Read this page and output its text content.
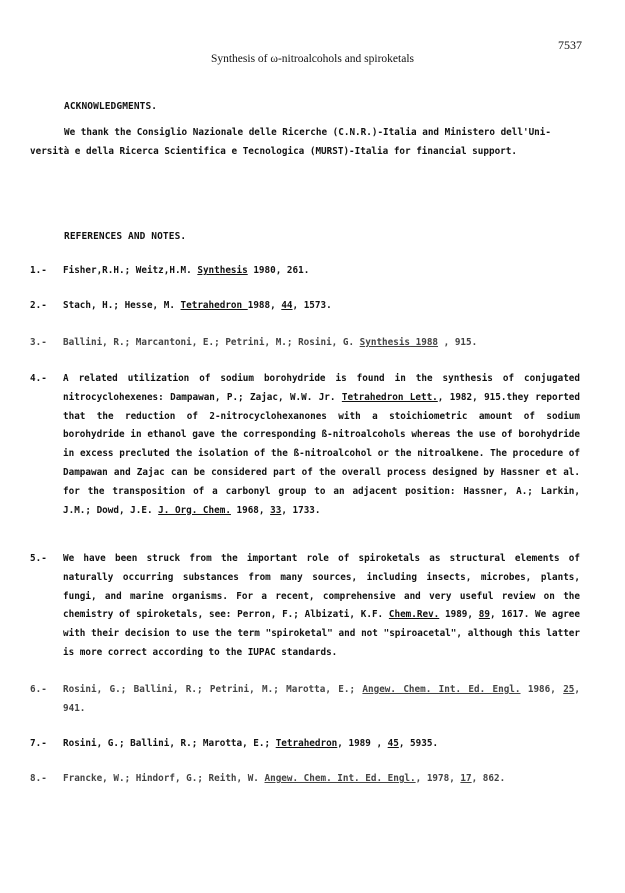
7537
Synthesis of ω-nitroalcohols and spiroketals
ACKNOWLEDGMENTS.
We thank the Consiglio Nazionale delle Ricerche (C.N.R.)-Italia and Ministero dell'Uni-
versità e della Ricerca Scientifica e Tecnologica (MURST)-Italia for financial support.
REFERENCES AND NOTES.
1.- Fisher,R.H.; Weitz,H.M. Synthesis 1980, 261.
2.- Stach, H.; Hesse, M. Tetrahedron 1988, 44, 1573.
3.- Ballini, R.; Marcantoni, E.; Petrini, M.; Rosini, G. Synthesis 1988 , 915.
4.- A related utilization of sodium borohydride is found in the synthesis of conjugated nitrocyclohexenes: Dampawan, P.; Zajac, W.W. Jr. Tetrahedron Lett., 1982, 915.they reported that the reduction of 2-nitrocyclohexanones with a stoichiometric amount of sodium borohydride in ethanol gave the corresponding ß-nitroalcohols whereas the use of borohydride in excess precluted the isolation of the ß-nitroalcohol or the nitroalkene. The procedure of Dampawan and Zajac can be considered part of the overall process designed by Hassner et al. for the transposition of a carbonyl group to an adjacent position: Hassner, A.; Larkin, J.M.; Dowd, J.E. J. Org. Chem. 1968, 33, 1733.
5.- We have been struck from the important role of spiroketals as structural elements of naturally occurring substances from many sources, including insects, microbes, plants, fungi, and marine organisms. For a recent, comprehensive and very useful review on the chemistry of spiroketals, see: Perron, F.; Albizati, K.F. Chem.Rev. 1989, 89, 1617. We agree with their decision to use the term "spiroketal" and not "spiroacetal", although this latter is more correct according to the IUPAC standards.
6.- Rosini, G.; Ballini, R.; Petrini, M.; Marotta, E.; Angew. Chem. Int. Ed. Engl. 1986, 25, 941.
7.- Rosini, G.; Ballini, R.; Marotta, E.; Tetrahedron, 1989 , 45, 5935.
8.- Francke, W.; Hindorf, G.; Reith, W. Angew. Chem. Int. Ed. Engl., 1978, 17, 862.
